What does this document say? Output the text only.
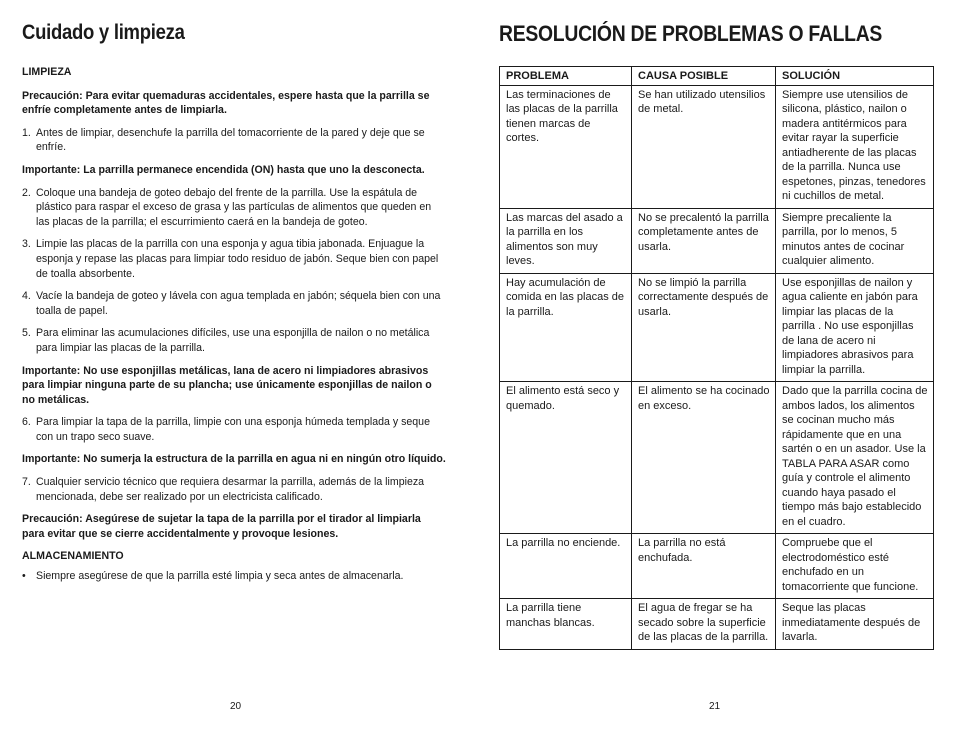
Cuidado y limpieza

LIMPIEZA

Precaución: Para evitar quemaduras accidentales, espere hasta que la parrilla se enfríe completamente antes de limpiarla.

1. Antes de limpiar, desenchufe la parrilla del tomacorriente de la pared y deje que se enfríe.

Importante: La parrilla permanece encendida (ON) hasta que uno la desconecta.

2. Coloque una bandeja de goteo debajo del frente de la parrilla. Use la espátula de plástico para raspar el exceso de grasa y las partículas de alimentos que queden en las placas de la parrilla; el escurrimiento caerá en la bandeja de goteo.
3. Limpie las placas de la parrilla con una esponja y agua tibia jabonada. Enjuague la esponja y repase las placas para limpiar todo residuo de jabón. Seque bien con papel de toalla absorbente.
4. Vacíe la bandeja de goteo y lávela con agua templada en jabón; séquela bien con una toalla de papel.
5. Para eliminar las acumulaciones difíciles, use una esponjilla de nailon o no metálica para limpiar las placas de la parrilla.

Importante: No use esponjillas metálicas, lana de acero ni limpiadores abrasivos para limpiar ninguna parte de su plancha; use únicamente esponjillas de nailon o no metálicas.

6. Para limpiar la tapa de la parrilla, limpie con una esponja húmeda templada y seque con un trapo seco suave.

Importante: No sumerja la estructura de la parrilla en agua ni en ningún otro líquido.

7. Cualquier servicio técnico que requiera desarmar la parrilla, además de la limpieza mencionada, debe ser realizado por un electricista calificado.

Precaución: Asegúrese de sujetar la tapa de la parrilla por el tirador al limpiarla para evitar que se cierre accidentalmente y provoque lesiones.

ALMACENAMIENTO

• Siempre asegúrese de que la parrilla esté limpia y seca antes de almacenarla.
20
RESOLUCIÓN DE PROBLEMAS O FALLAS
PROBLEMA	CAUSA POSIBLE	SOLUCIÓN
Las terminaciones de las placas de la parrilla tienen marcas de cortes.	Se han utilizado utensilios de metal.	Siempre use utensilios de silicona, plástico, nailon o madera antitérmicos para evitar rayar la superficie antiadherente de las placas de la parrilla. Nunca use espetones, pinzas, tenedores ni cuchillos de metal.
Las marcas del asado a la parrilla en los alimentos son muy leves.	No se precalentó la parrilla completamente antes de usarla.	Siempre precaliente la parrilla, por lo menos, 5 minutos antes de cocinar cualquier alimento.
Hay acumulación de comida en las placas de la parrilla.	No se limpió la parrilla correctamente después de usarla.	Use esponjillas de nailon y agua caliente en jabón para limpiar las placas de la parrilla . No use esponjillas de lana de acero ni limpiadores abrasivos para limpiar la parrilla.
El alimento está seco y quemado.	El alimento se ha cocinado en exceso.	Dado que la parrilla cocina de ambos lados, los alimentos se cocinan mucho más rápidamente que en una sartén o en un asador. Use la TABLA PARA ASAR como guía y controle el alimento cuando haya pasado el tiempo más bajo establecido en el cuadro.
La parrilla no enciende.	La parrilla no está enchufada.	Compruebe que el electrodoméstico esté enchufado en un tomacorriente que funcione.
La parrilla tiene manchas blancas.	El agua de fregar se ha secado sobre la superficie de las placas de la parrilla.	Seque las placas inmediatamente después de lavarla.
21
